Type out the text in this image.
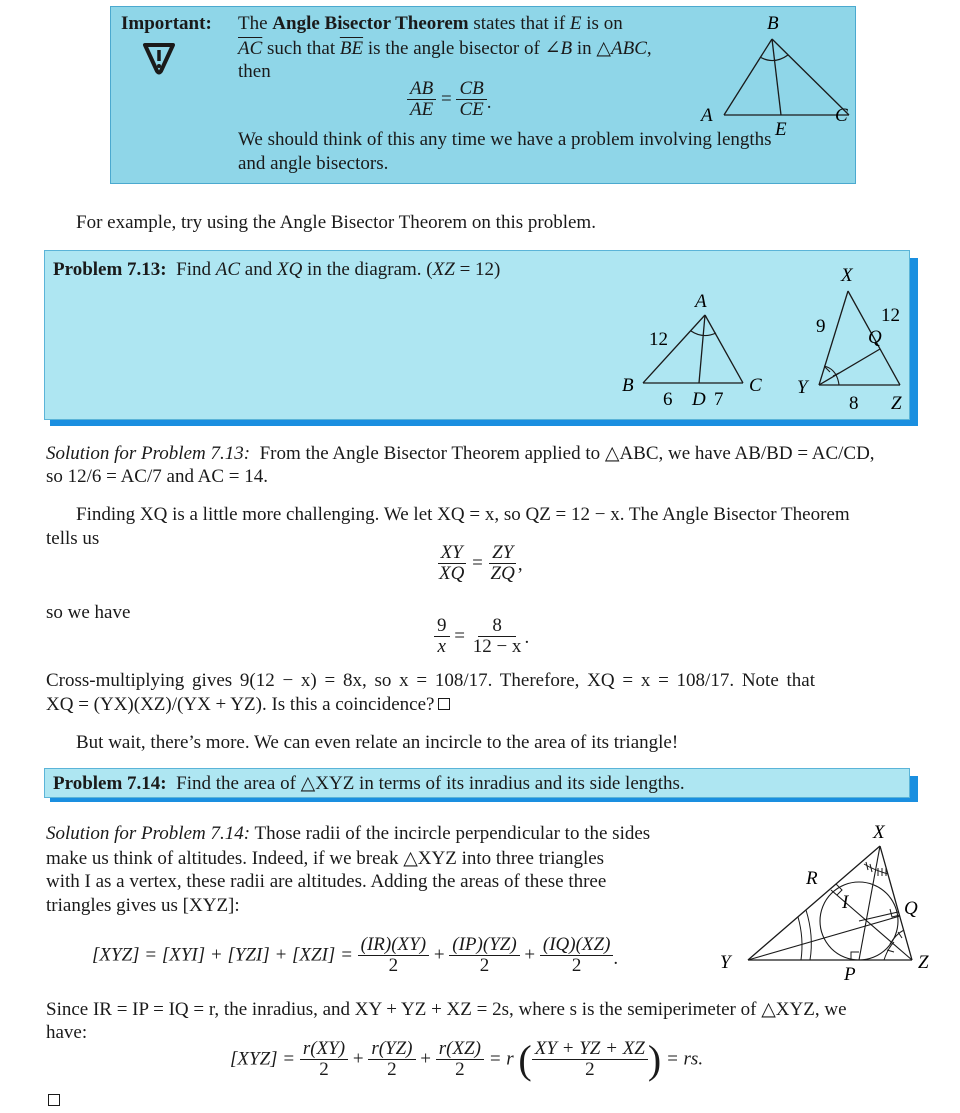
Important: The Angle Bisector Theorem states that if E is on
$\overline{AC}$ such that $\overline{BE}$ is the angle bisector of ∠B in △ABC,
then
$\frac{AB}{AE} = \frac{CB}{CE}$ .
We should think of this any time we have a problem involving lengths
and angle bisectors.
B
A	C
E
For example, try using the Angle Bisector Theorem on this problem.
Problem 7.13:  Find AC and XQ in the diagram. (XZ = 12)
A
B	C
D
12
6 7
X
Y
Z
Q
9
12
8
Solution for Problem 7.13:  From the Angle Bisector Theorem applied to △ABC, we have AB/BD = AC/CD,
so 12/6 = AC/7 and AC = 14.
Finding XQ is a little more challenging. We let XQ = x, so QZ = 12 − x. The Angle Bisector Theorem
tells us
$\frac{XY}{XQ} = \frac{ZY}{ZQ}$ ,
so we have
$\frac{9}{x} = \frac{8}{12 - x}$ .
Cross-multiplying gives 9(12 − x) = 8x, so x = 108/17. Therefore, XQ = x = 108/17. Note that
XQ = (YX)(XZ)/(YX + YZ). Is this a coincidence?
But wait, there’s more. We can even relate an incircle to the area of its triangle!
Problem 7.14:  Find the area of △XYZ in terms of its inradius and its side lengths.
Solution for Problem 7.14: Those radii of the incircle perpendicular to the sides
make us think of altitudes. Indeed, if we break △XYZ into three triangles
with I as a vertex, these radii are altitudes. Adding the areas of these three
triangles gives us [XYZ]:
$[XYZ] = [XYI] + [YZI] + [XZI] = \frac{(IR)(XY)}{2} + \frac{(IP)(YZ)}{2} + \frac{(IQ)(XZ)}{2}$ .
X
Y	Z
R
I	Q
P
Since IR = IP = IQ = r, the inradius, and XY + YZ + XZ = 2s, where s is the semiperimeter of △XYZ, we
have:
$[XYZ] = \frac{r(XY)}{2} + \frac{r(YZ)}{2} + \frac{r(XZ)}{2} = r$ ( $\frac{XY + YZ + XZ}{2}$ ) = rs.
